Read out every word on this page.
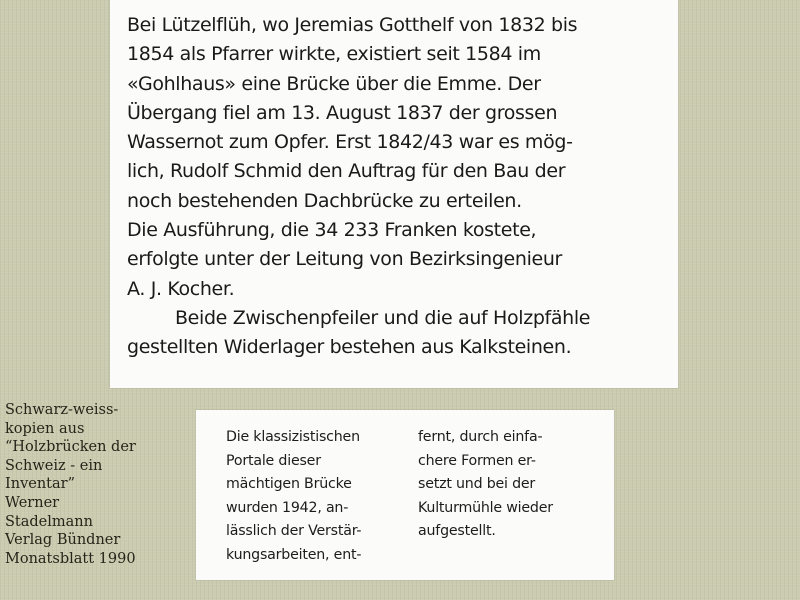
Bei Lützelflüh, wo Jeremias Gotthelf von 1832 bis
1854 als Pfarrer wirkte, existiert seit 1584 im
«Gohlhaus» eine Brücke über die Emme. Der
Übergang fiel am 13. August 1837 der grossen
Wassernot zum Opfer. Erst 1842/43 war es mög-
lich, Rudolf Schmid den Auftrag für den Bau der
noch bestehenden Dachbrücke zu erteilen.
Die Ausführung, die 34 233 Franken kostete,
erfolgte unter der Leitung von Bezirksingenieur
A. J. Kocher.
Beide Zwischenpfeiler und die auf Holzpfähle
gestellten Widerlager bestehen aus Kalksteinen.
Die klassizistischen
Portale dieser
mächtigen Brücke
wurden 1942, an-
lässlich der Verstär-
kungsarbeiten, ent-
fernt, durch einfa-
chere Formen er-
setzt und bei der
Kulturmühle wieder
aufgestellt.
Schwarz-weiss-
kopien aus
“Holzbrücken der
Schweiz - ein
Inventar”
Werner
Stadelmann
Verlag Bündner
Monatsblatt 1990
